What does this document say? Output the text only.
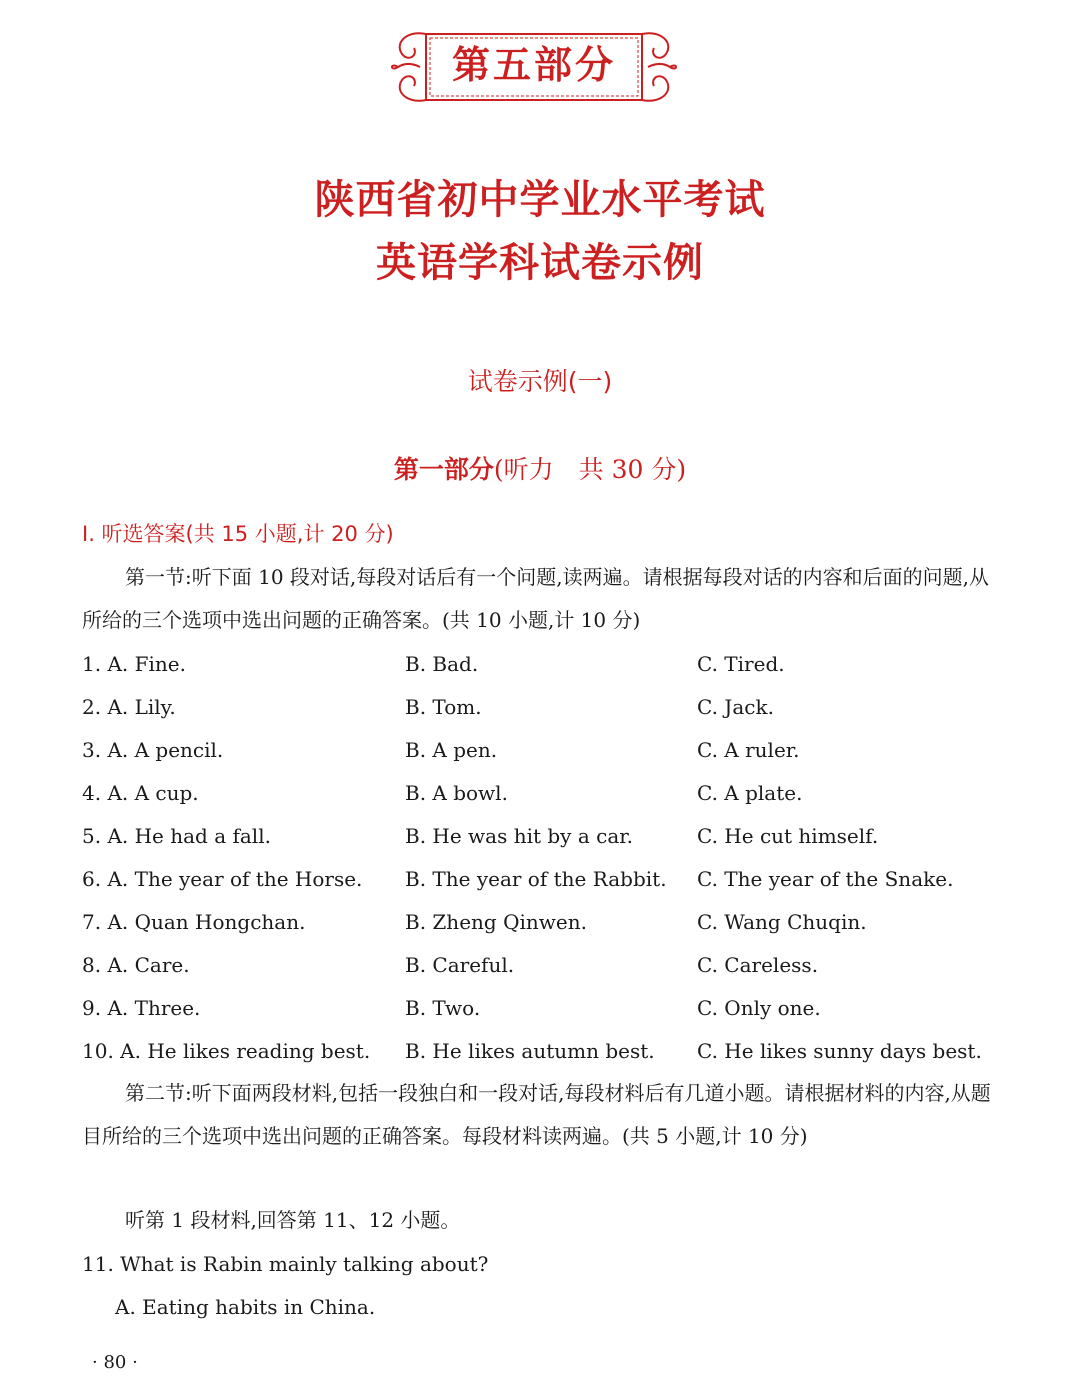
第五部分
陕西省初中学业水平考试
英语学科试卷示例
试卷示例(一)
第一部分(听力　共 30 分)
Ⅰ. 听选答案(共 15 小题,计 20 分)
第一节:听下面 10 段对话,每段对话后有一个问题,读两遍。请根据每段对话的内容和后面的问题,从所给的三个选项中选出问题的正确答案。(共 10 小题,计 10 分)
1. A. Fine.	B. Bad.	C. Tired.
2. A. Lily.	B. Tom.	C. Jack.
3. A. A pencil.	B. A pen.	C. A ruler.
4. A. A cup.	B. A bowl.	C. A plate.
5. A. He had a fall.	B. He was hit by a car.	C. He cut himself.
6. A. The year of the Horse. B. The year of the Rabbit. C. The year of the Snake.
7. A. Quan Hongchan.	B. Zheng Qinwen.	C. Wang Chuqin.
8. A. Care.	B. Careful.	C. Careless.
9. A. Three.	B. Two.	C. Only one.
10. A. He likes reading best. B. He likes autumn best. C. He likes sunny days best.
第二节:听下面两段材料,包括一段独白和一段对话,每段材料后有几道小题。请根据材料的内容,从题目所给的三个选项中选出问题的正确答案。每段材料读两遍。(共 5 小题,计 10 分)
听第 1 段材料,回答第 11、12 小题。
11. What is Rabin mainly talking about?
A. Eating habits in China.
· 80 ·
